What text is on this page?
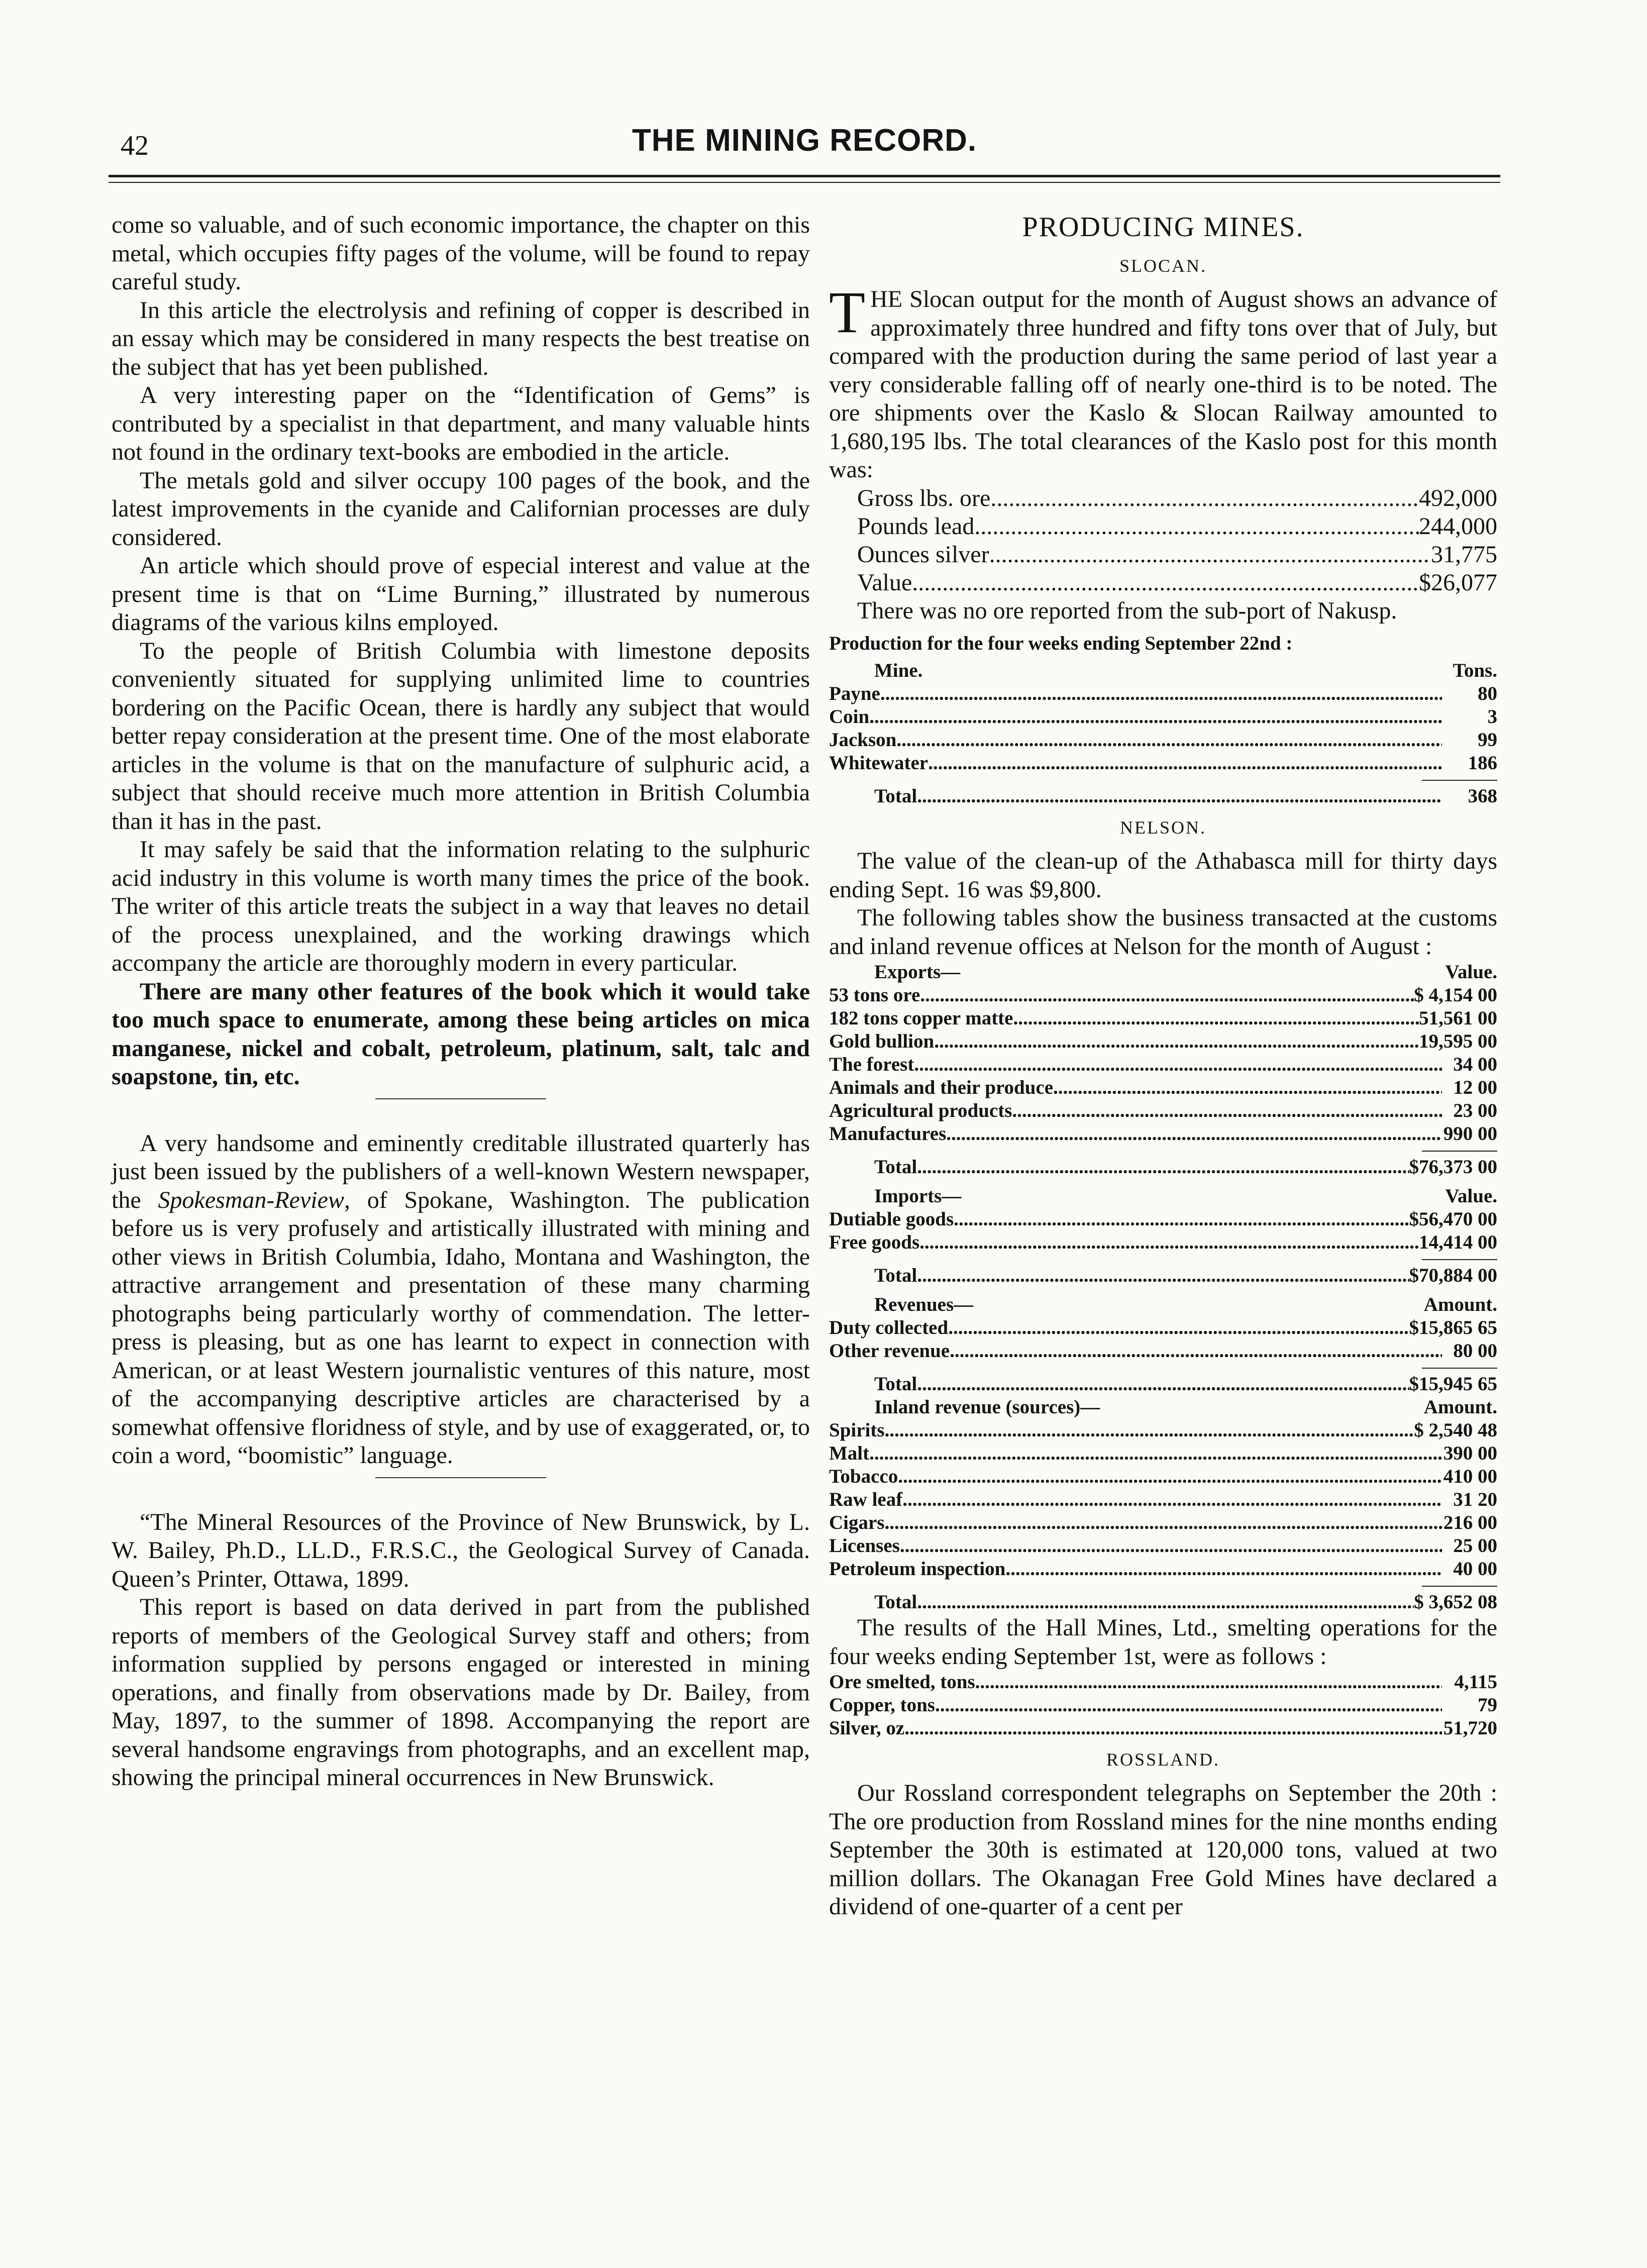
42	THE MINING RECORD.

come so valuable, and of such economic importance, the chapter on this metal, which occupies fifty pages of the volume, will be found to repay careful study.

In this article the electrolysis and refining of copper is described in an essay which may be considered in many respects the best treatise on the subject that has yet been published.

A very interesting paper on the “Identification of Gems” is contributed by a specialist in that department, and many valuable hints not found in the ordinary text-books are embodied in the article.

The metals gold and silver occupy 100 pages of the book, and the latest improvements in the cyanide and Californian processes are duly considered.

An article which should prove of especial interest and value at the present time is that on “Lime Burning,” illustrated by numerous diagrams of the various kilns employed.

To the people of British Columbia with limestone deposits conveniently situated for supplying unlimited lime to countries bordering on the Pacific Ocean, there is hardly any subject that would better repay consideration at the present time. One of the most elaborate articles in the volume is that on the manufacture of sulphuric acid, a subject that should receive much more attention in British Columbia than it has in the past.

It may safely be said that the information relating to the sulphuric acid industry in this volume is worth many times the price of the book. The writer of this article treats the subject in a way that leaves no detail of the process unexplained, and the working drawings which accompany the article are thoroughly modern in every particular.

There are many other features of the book which it would take too much space to enumerate, among these being articles on mica manganese, nickel and cobalt, petroleum, platinum, salt, talc and soapstone, tin, etc.

A very handsome and eminently creditable illustrated quarterly has just been issued by the publishers of a well-known Western newspaper, the Spokesman-Review, of Spokane, Washington. The publication before us is very profusely and artistically illustrated with mining and other views in British Columbia, Idaho, Montana and Washington, the attractive arrangement and presentation of these many charming photographs being particularly worthy of commendation. The letter-press is pleasing, but as one has learnt to expect in connection with American, or at least Western journalistic ventures of this nature, most of the accompanying descriptive articles are characterised by a somewhat offensive floridness of style, and by use of exaggerated, or, to coin a word, “boomistic” language.

“The Mineral Resources of the Province of New Brunswick, by L. W. Bailey, Ph.D., LL.D., F.R.S.C., the Geological Survey of Canada. Queen’s Printer, Ottawa, 1899.

This report is based on data derived in part from the published reports of members of the Geological Survey staff and others; from information supplied by persons engaged or interested in mining operations, and finally from observations made by Dr. Bailey, from May, 1897, to the summer of 1898. Accompanying the report are several handsome engravings from photographs, and an excellent map, showing the principal mineral occurrences in New Brunswick.

PRODUCING MINES.
SLOCAN.

THE Slocan output for the month of August shows an advance of approximately three hundred and fifty tons over that of July, but compared with the production during the same period of last year a very considerable falling off of nearly one-third is to be noted. The ore shipments over the Kaslo & Slocan Railway amounted to 1,680,195 lbs. The total clearances of the Kaslo post for this month was:

Gross lbs. ore .....	492,000
Pounds lead .....	244,000
Ounces silver .....	31,775
Value .....	$26,077

There was no ore reported from the sub-port of Nakusp.

Production for the four weeks ending September 22nd :
Mine.	Tons.
Payne .....	80
Coin .....	3
Jackson .....	99
Whitewater .....	186
Total .....	368
NELSON.

The value of the clean-up of the Athabasca mill for thirty days ending Sept. 16 was $9,800.

The following tables show the business transacted at the customs and inland revenue offices at Nelson for the month of August :

Exports—	Value.
53 tons ore .....	$ 4,154 00
182 tons copper matte .....	51,561 00
Gold bullion .....	19,595 00
The forest .....	34 00
Animals and their produce .....	12 00
Agricultural products .....	23 00
Manufactures .....	990 00
Total .....	$76,373 00
Imports—	Value.
Dutiable goods .....	$56,470 00
Free goods .....	14,414 00
Total .....	$70,884 00
Revenues—	Amount.
Duty collected .....	$15,865 65
Other revenue .....	80 00
Total .....	$15,945 65
Inland revenue (sources)—	Amount.
Spirits .....	$ 2,540 48
Malt .....	390 00
Tobacco .....	410 00
Raw leaf .....	31 20
Cigars .....	216 00
Licenses .....	25 00
Petroleum inspection .....	40 00
Total .....	$ 3,652 08

The results of the Hall Mines, Ltd., smelting operations for the four weeks ending September 1st, were as follows :

Ore smelted, tons .....	4,115
Copper, tons .....	79
Silver, oz .....	51,720
ROSSLAND.

Our Rossland correspondent telegraphs on September the 20th : The ore production from Rossland mines for the nine months ending September the 30th is estimated at 120,000 tons, valued at two million dollars. The Okanagan Free Gold Mines have declared a dividend of one-quarter of a cent per
